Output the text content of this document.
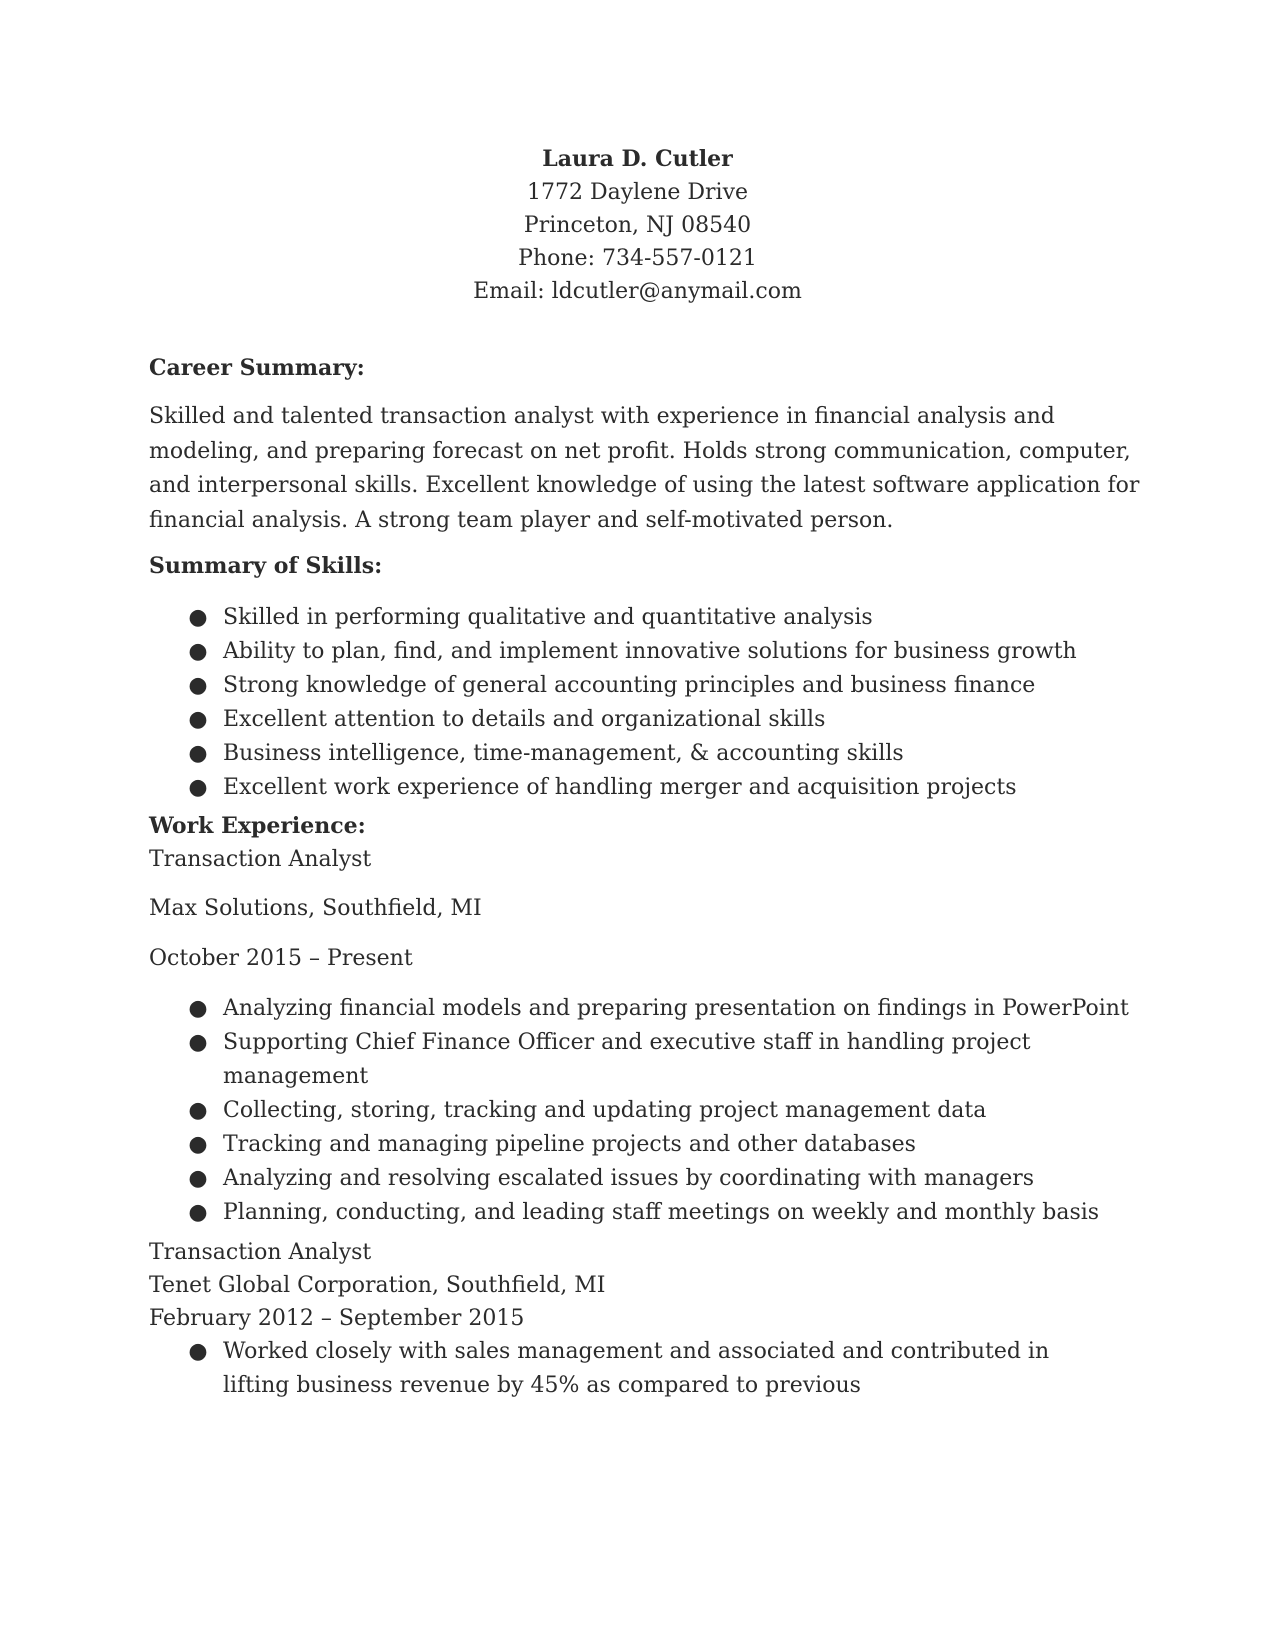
Laura D. Cutler
1772 Daylene Drive
Princeton, NJ 08540
Phone: 734-557-0121
Email: ldcutler@anymail.com
Career Summary:
Skilled and talented transaction analyst with experience in financial analysis and
modeling, and preparing forecast on net profit. Holds strong communication, computer,
and interpersonal skills. Excellent knowledge of using the latest software application for
financial analysis. A strong team player and self-motivated person.
Summary of Skills:
● Skilled in performing qualitative and quantitative analysis
● Ability to plan, find, and implement innovative solutions for business growth
● Strong knowledge of general accounting principles and business finance
● Excellent attention to details and organizational skills
● Business intelligence, time-management, & accounting skills
● Excellent work experience of handling merger and acquisition projects
Work Experience:
Transaction Analyst
Max Solutions, Southfield, MI
October 2015 – Present
● Analyzing financial models and preparing presentation on findings in PowerPoint
● Supporting Chief Finance Officer and executive staff in handling project management
● Collecting, storing, tracking and updating project management data
● Tracking and managing pipeline projects and other databases
● Analyzing and resolving escalated issues by coordinating with managers
● Planning, conducting, and leading staff meetings on weekly and monthly basis
Transaction Analyst
Tenet Global Corporation, Southfield, MI
February 2012 – September 2015
● Worked closely with sales management and associated and contributed in lifting business revenue by 45% as compared to previous
